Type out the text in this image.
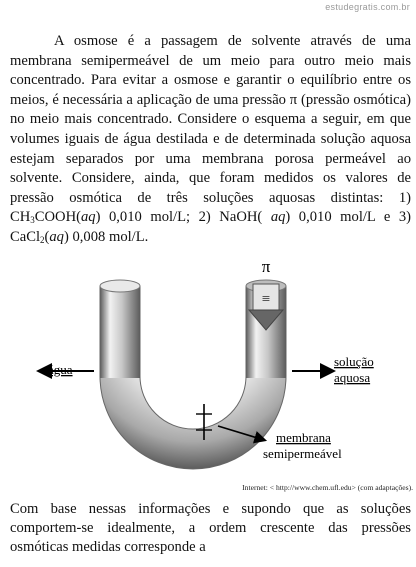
estudegratis.com.br

A osmose é a passagem de solvente através de uma membrana semipermeável de um meio para outro meio mais concentrado. Para evitar a osmose e garantir o equilíbrio entre os meios, é necessária a aplicação de uma pressão π (pressão osmótica) no meio mais concentrado. Considere o esquema a seguir, em que volumes iguais de água destilada e de determinada solução aquosa estejam separados por uma membrana porosa permeável ao solvente. Considere, ainda, que foram medidos os valores de pressão osmótica de três soluções aquosas distintas: 1) $CH_3COOH(aq)$ 0,010 mol/L; 2) NaOH( aq) 0,010 mol/L e 3) CaCl$_2$(aq) 0,008 mol/L.

≡
π
água
solução
aquosa
membrana
semipermeável
Internet: < http://www.chem.ufl.edu> (com adaptações).

Com base nessas informações e supondo que as soluções comportem-se idealmente, a ordem crescente das pressões osmóticas medidas corresponde a
